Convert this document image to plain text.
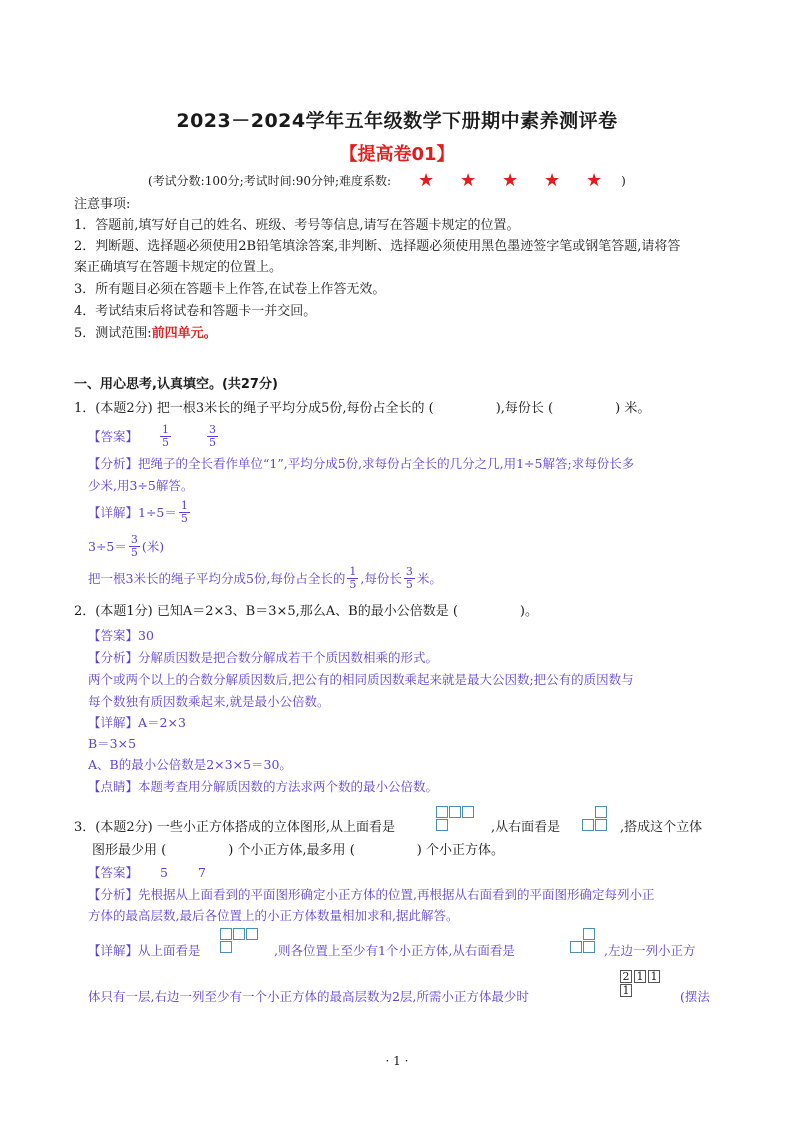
2023－2024学年五年级数学下册期中素养测评卷
【提高卷01】
(考试分数:100分;考试时间:90分钟;难度系数:	★	★	★	★	★	)
注意事项:
1．答题前,填写好自己的姓名、班级、考号等信息,请写在答题卡规定的位置。
2．判断题、选择题必须使用2B铅笔填涂答案,非判断、选择题必须使用黑色墨迹签字笔或钢笔答题,请将答
案正确填写在答题卡规定的位置上。
3．所有题目必须在答题卡上作答,在试卷上作答无效。
4．考试结束后将试卷和答题卡一并交回。
5．测试范围:前四单元。
一、用心思考,认真填空。(共27分)
1．(本题2分) 把一根3米长的绳子平均分成5份,每份占全长的 (	),每份长 (	) 米。
【答案】 $\frac{1}{5}$	$\frac{3}{5}$
【分析】把绳子的全长看作单位“1”,平均分成5份,求每份占全长的几分之几,用1÷5解答;求每份长多
少米,用3÷5解答。
【详解】$1\div 5= \frac{1}{5}$
$3\div 5= \frac{3}{5}$ (米)
把一根3米长的绳子平均分成5份,每份占全长的 $\frac{1}{5}$ ,每份长 $\frac{3}{5}$ 米。
2．(本题1分) 已知A＝2×3、B＝3×5,那么A、B的最小公倍数是 (	)。
【答案】30
【分析】分解质因数是把合数分解成若干个质因数相乘的形式。
两个或两个以上的合数分解质因数后,把公有的相同质因数乘起来就是最大公因数;把公有的质因数与
每个数独有质因数乘起来,就是最小公倍数。
【详解】A＝2×3
B＝3×5
A、B的最小公倍数是2×3×5＝30。
【点睛】本题考查用分解质因数的方法求两个数的最小公倍数。
3．(本题2分) 一些小正方体搭成的立体图形,从上面看是	,从右面看是	,搭成这个立体
图形最少用 (	) 个小正方体,最多用 (	) 个小正方体。
【答案】 5 7
【分析】先根据从上面看到的平面图形确定小正方体的位置,再根据从右面看到的平面图形确定每列小正
方体的最高层数,最后各位置上的小正方体数量相加求和,据此解答。
【详解】从上面看是	,则各位置上至少有1个小正方体,从右面看是	,左边一列小正方
体只有一层,右边一列至少有一个小正方体的最高层数为2层,所需小正方体最少时
2 1 1
1	(摆法
· 1 ·
